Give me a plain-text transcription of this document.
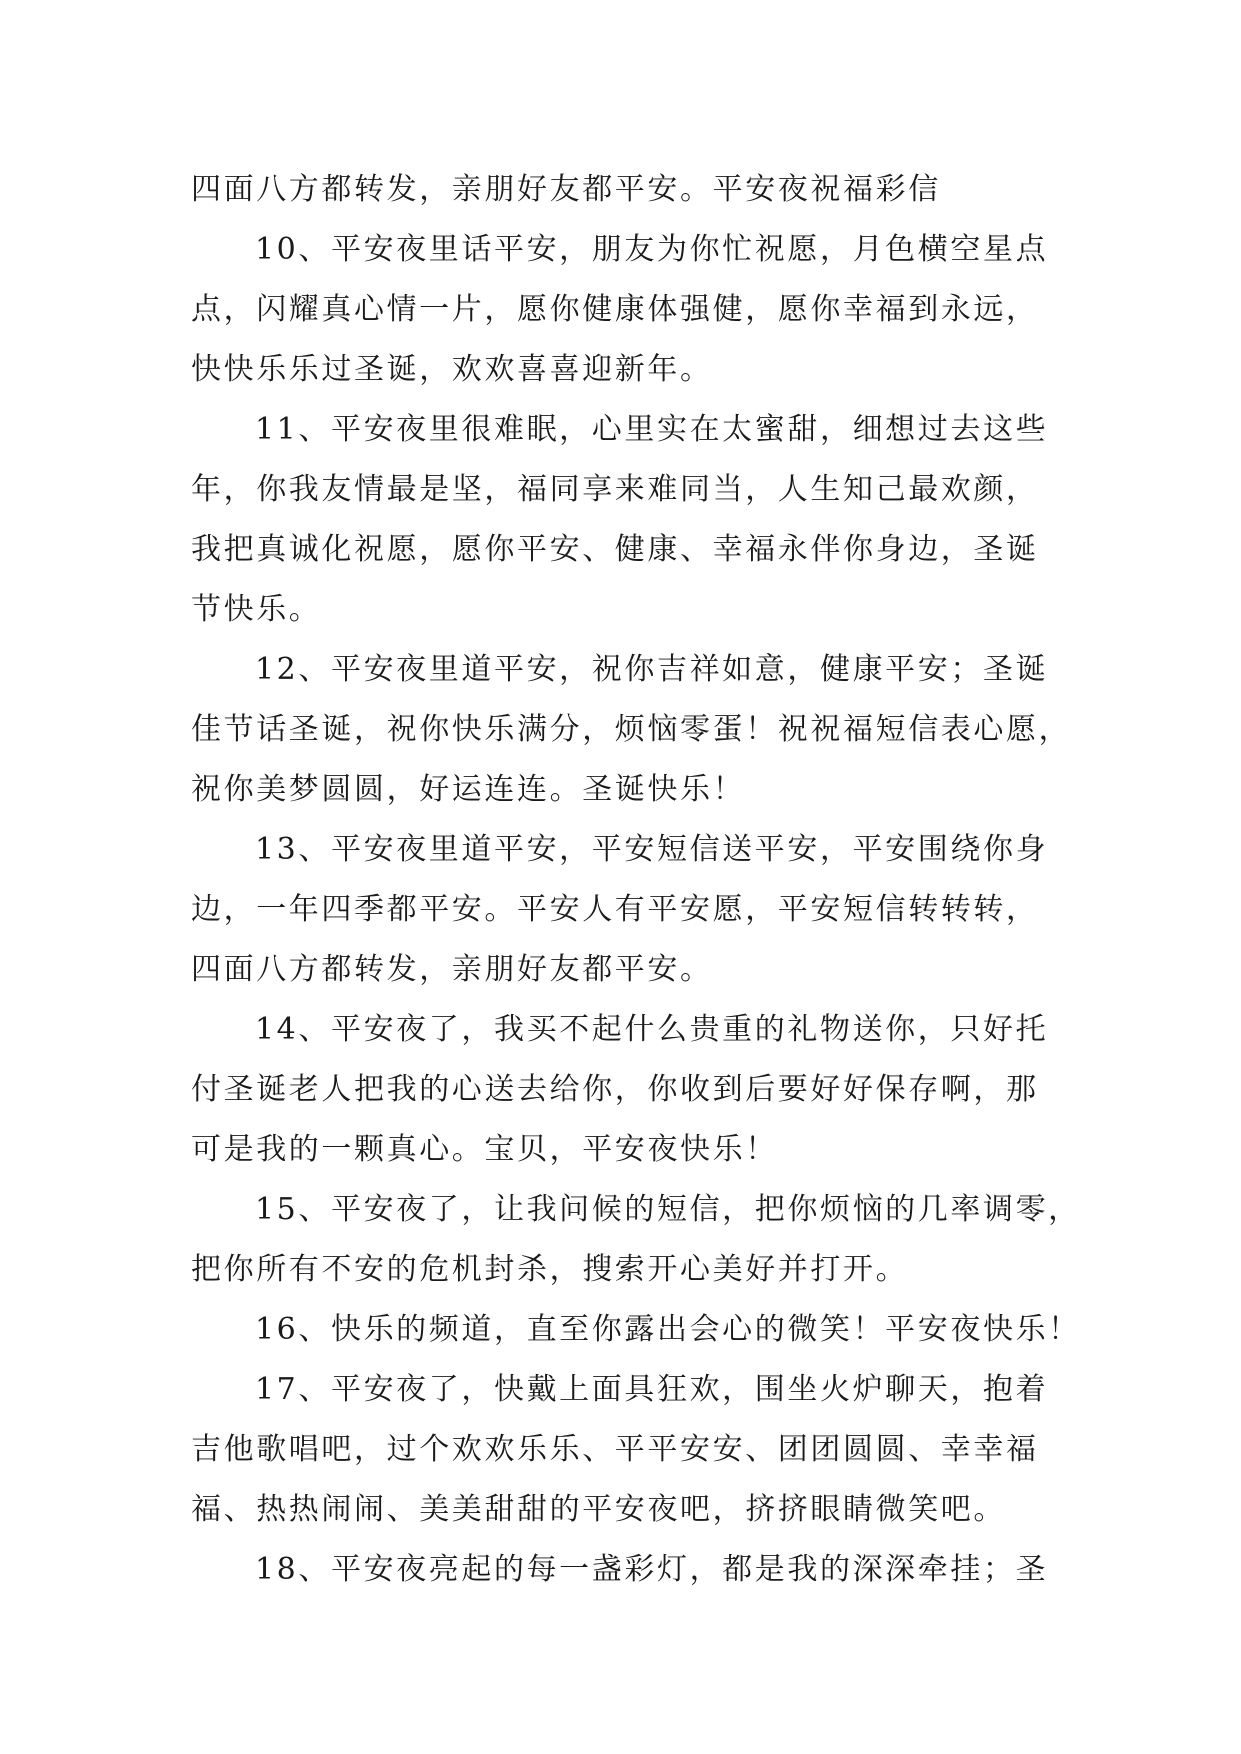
四面八方都转发，亲朋好友都平安。平安夜祝福彩信
10、平安夜里话平安，朋友为你忙祝愿，月色横空星点
点，闪耀真心情一片，愿你健康体强健，愿你幸福到永远，
快快乐乐过圣诞，欢欢喜喜迎新年。
11、平安夜里很难眠，心里实在太蜜甜，细想过去这些
年，你我友情最是坚，福同享来难同当，人生知己最欢颜，
我把真诚化祝愿，愿你平安、健康、幸福永伴你身边，圣诞
节快乐。
12、平安夜里道平安，祝你吉祥如意，健康平安；圣诞
佳节话圣诞，祝你快乐满分，烦恼零蛋！祝祝福短信表心愿，
祝你美梦圆圆，好运连连。圣诞快乐！
13、平安夜里道平安，平安短信送平安，平安围绕你身
边，一年四季都平安。平安人有平安愿，平安短信转转转，
四面八方都转发，亲朋好友都平安。
14、平安夜了，我买不起什么贵重的礼物送你，只好托
付圣诞老人把我的心送去给你，你收到后要好好保存啊，那
可是我的一颗真心。宝贝，平安夜快乐！
15、平安夜了，让我问候的短信，把你烦恼的几率调零，
把你所有不安的危机封杀，搜索开心美好并打开。
16、快乐的频道，直至你露出会心的微笑！平安夜快乐！
17、平安夜了，快戴上面具狂欢，围坐火炉聊天，抱着
吉他歌唱吧，过个欢欢乐乐、平平安安、团团圆圆、幸幸福
福、热热闹闹、美美甜甜的平安夜吧，挤挤眼睛微笑吧。
18、平安夜亮起的每一盏彩灯，都是我的深深牵挂；圣
